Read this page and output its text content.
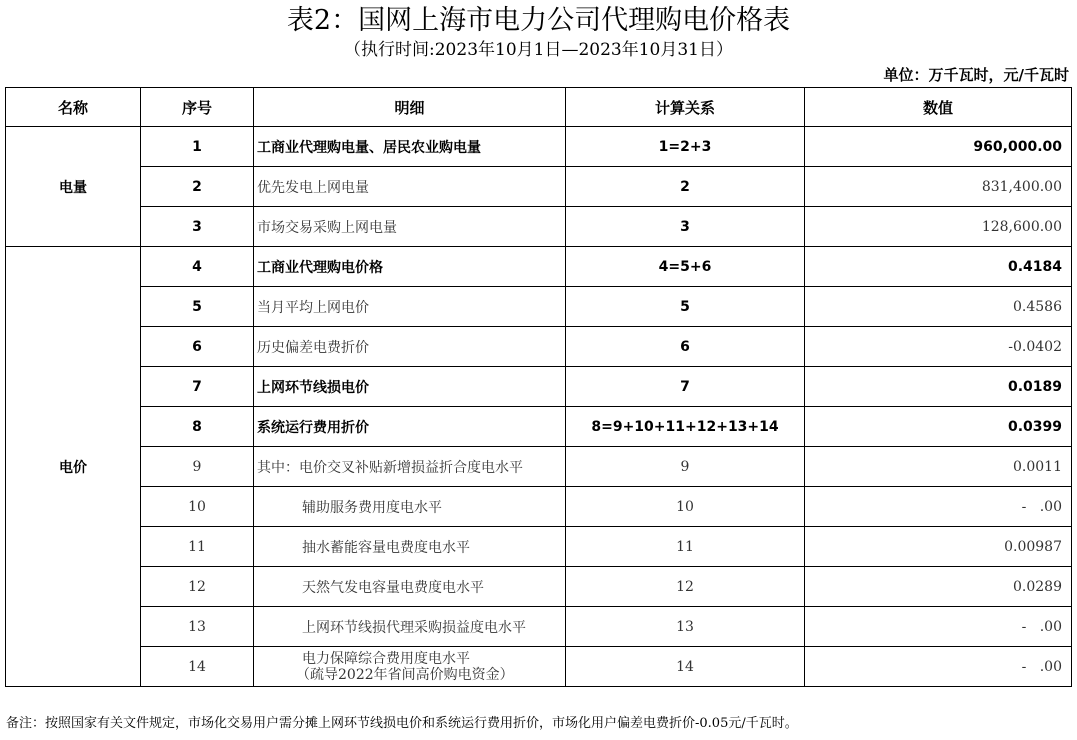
表2：国网上海市电力公司代理购电价格表
（执行时间:2023年10月1日—2023年10月31日）
单位：万千瓦时，元/千瓦时
名称	序号	明细	计算关系	数值
电量	1	工商业代理购电量、居民农业购电量	1=2+3	960,000.00
	2	优先发电上网电量	2	831,400.00
	3	市场交易采购上网电量	3	128,600.00
电价	4	工商业代理购电价格	4=5+6	0.4184
	5	当月平均上网电价	5	0.4586
	6	历史偏差电费折价	6	-0.0402
	7	上网环节线损电价	7	0.0189
	8	系统运行费用折价	8=9+10+11+12+13+14	0.0399
	9	其中：电价交叉补贴新增损益折合度电水平	9	0.0011
	10	辅助服务费用度电水平	10	-   .00
	11	抽水蓄能容量电费度电水平	11	0.00987
	12	天然气发电容量电费度电水平	12	0.0289
	13	上网环节线损代理采购损益度电水平	13	-   .00
	14	电力保障综合费用度电水平
（疏导2022年省间高价购电资金）	14	-   .00
备注：按照国家有关文件规定，市场化交易用户需分摊上网环节线损电价和系统运行费用折价，市场化用户偏差电费折价-0.05元/千瓦时。
